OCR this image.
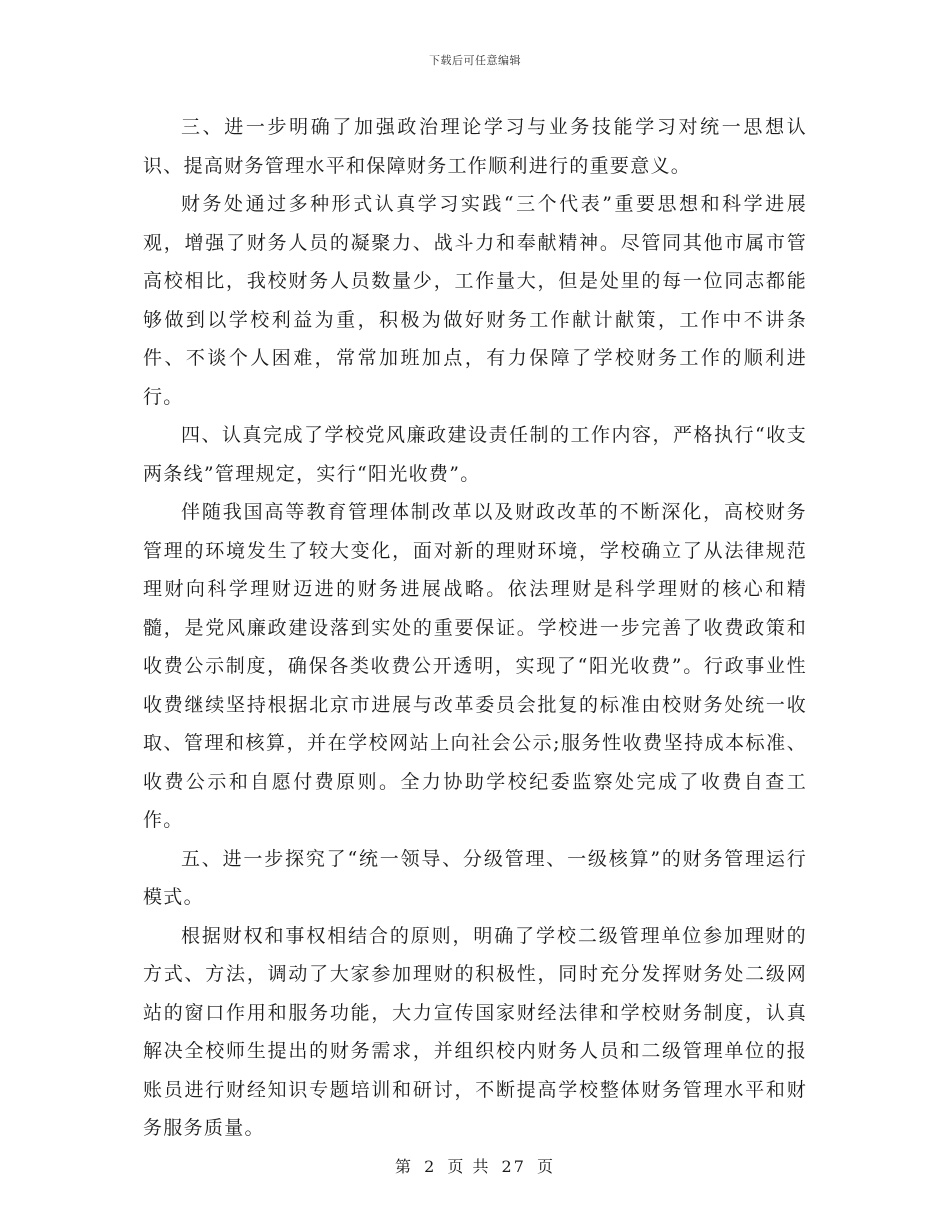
下载后可任意编辑

三、进一步明确了加强政治理论学习与业务技能学习对统一思想认识、提高财务管理水平和保障财务工作顺利进行的重要意义。

财务处通过多种形式认真学习实践“三个代表”重要思想和科学进展观，增强了财务人员的凝聚力、战斗力和奉献精神。尽管同其他市属市管高校相比，我校财务人员数量少，工作量大，但是处里的每一位同志都能够做到以学校利益为重，积极为做好财务工作献计献策，工作中不讲条件、不谈个人困难，常常加班加点，有力保障了学校财务工作的顺利进行。

四、认真完成了学校党风廉政建设责任制的工作内容，严格执行“收支两条线”管理规定，实行“阳光收费”。

伴随我国高等教育管理体制改革以及财政改革的不断深化，高校财务管理的环境发生了较大变化，面对新的理财环境，学校确立了从法律规范理财向科学理财迈进的财务进展战略。依法理财是科学理财的核心和精髓，是党风廉政建设落到实处的重要保证。学校进一步完善了收费政策和收费公示制度，确保各类收费公开透明，实现了“阳光收费”。行政事业性收费继续坚持根据北京市进展与改革委员会批复的标准由校财务处统一收取、管理和核算，并在学校网站上向社会公示;服务性收费坚持成本标准、收费公示和自愿付费原则。全力协助学校纪委监察处完成了收费自查工作。

五、进一步探究了“统一领导、分级管理、一级核算”的财务管理运行模式。

根据财权和事权相结合的原则，明确了学校二级管理单位参加理财的方式、方法，调动了大家参加理财的积极性，同时充分发挥财务处二级网站的窗口作用和服务功能，大力宣传国家财经法律和学校财务制度，认真解决全校师生提出的财务需求，并组织校内财务人员和二级管理单位的报账员进行财经知识专题培训和研讨，不断提高学校整体财务管理水平和财务服务质量。

第 2 页 共 27 页
